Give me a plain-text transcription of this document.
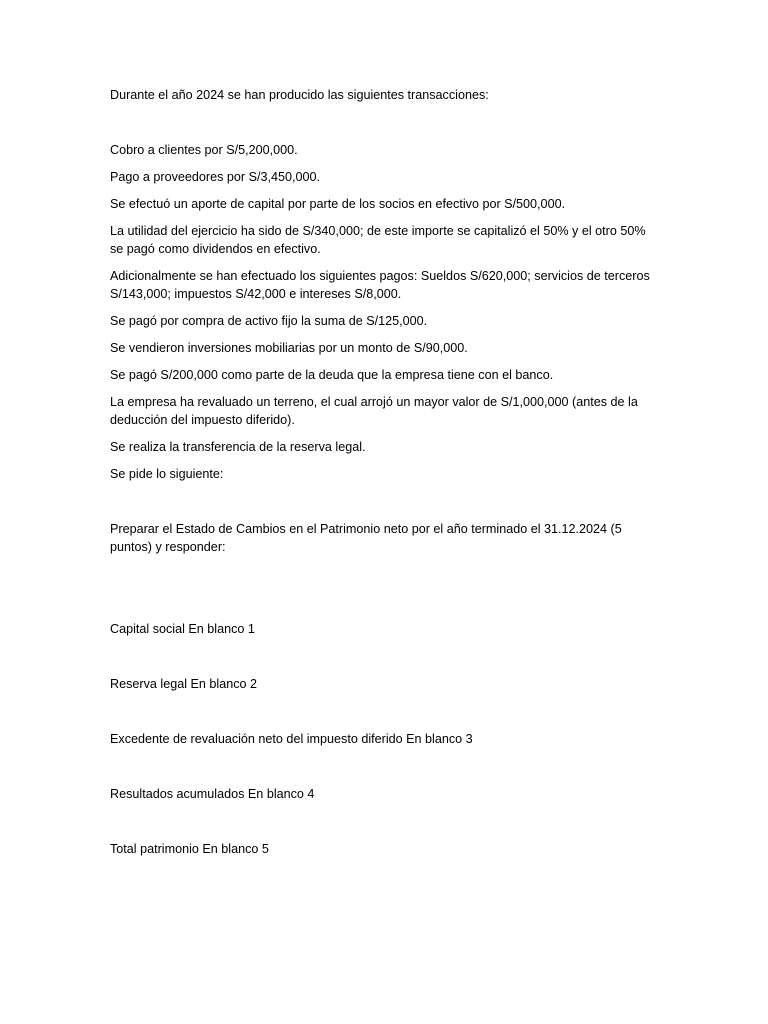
Durante el año 2024 se han producido las siguientes transacciones:

Cobro a clientes por S/5,200,000.

Pago a proveedores por S/3,450,000.

Se efectuó un aporte de capital por parte de los socios en efectivo por S/500,000.

La utilidad del ejercicio ha sido de S/340,000; de este importe se capitalizó el 50% y el otro 50% se pagó como dividendos en efectivo.

Adicionalmente se han efectuado los siguientes pagos: Sueldos S/620,000; servicios de terceros S/143,000; impuestos S/42,000 e intereses S/8,000.

Se pagó por compra de activo fijo la suma de S/125,000.

Se vendieron inversiones mobiliarias por un monto de S/90,000.

Se pagó S/200,000 como parte de la deuda que la empresa tiene con el banco.

La empresa ha revaluado un terreno, el cual arrojó un mayor valor de S/1,000,000 (antes de la deducción del impuesto diferido).

Se realiza la transferencia de la reserva legal.

Se pide lo siguiente:

Preparar el Estado de Cambios en el Patrimonio neto por el año terminado el 31.12.2024 (5 puntos) y responder:

Capital social En blanco 1

Reserva legal En blanco 2

Excedente de revaluación neto del impuesto diferido En blanco 3

Resultados acumulados En blanco 4

Total patrimonio En blanco 5
